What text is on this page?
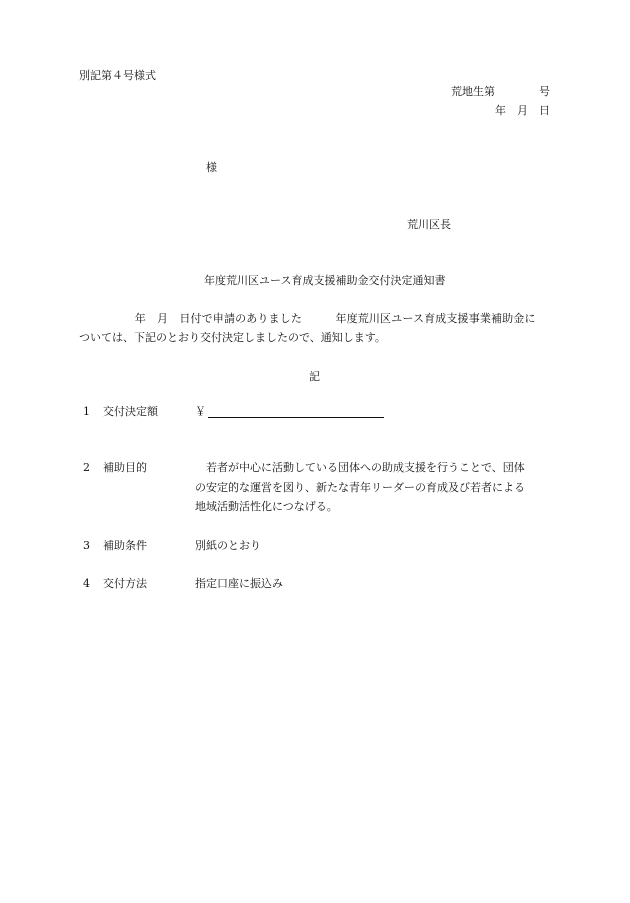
別記第４号様式
荒地生第　　　　号
年　月　日
様
荒川区長
年度荒川区ユース育成支援補助金交付決定通知書
　　　　　年　月　日付で申請のありました　　　年度荒川区ユース育成支援事業補助金に
ついては、下記のとおり交付決定しましたので、通知します。
記
1 交付決定額	￥
2 補助目的	　若者が中心に活動している団体への助成支援を行うことで、団体
の安定的な運営を図り、新たな青年リーダーの育成及び若者による
地域活動活性化につなげる。
3 補助条件	別紙のとおり
4 交付方法	指定口座に振込み
